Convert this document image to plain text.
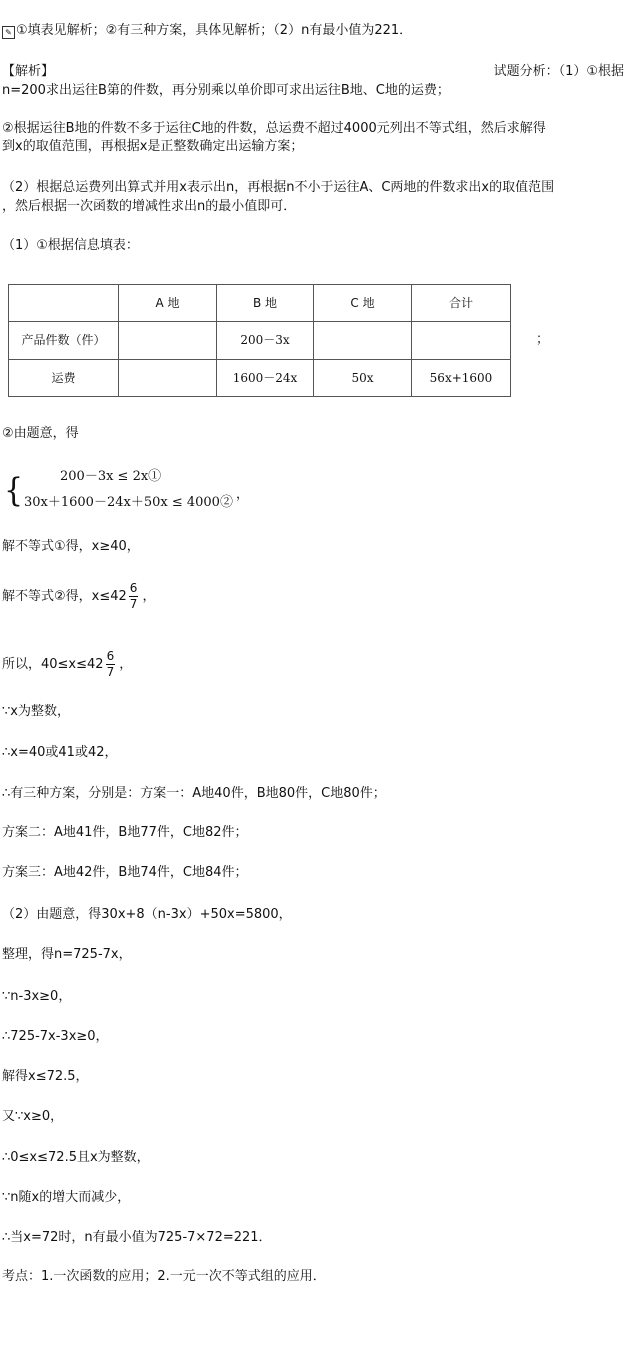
✎ ①填表见解析；②有三种方案，具体见解析；（2）n有最小值为221．
【解析】	试题分析：（1）①根据
n=200求出运往B第的件数，再分别乘以单价即可求出运往B地、C地的运费；
②根据运往B地的件数不多于运往C地的件数，总运费不超过4000元列出不等式组，然后求解得
到x的取值范围，再根据x是正整数确定出运输方案；
（2）根据总运费列出算式并用x表示出n，再根据n不小于运往A、C两地的件数求出x的取值范围
，然后根据一次函数的增减性求出n的最小值即可．
（1）①根据信息填表：
	A 地	B 地	C 地	合计
产品件数（件）		200－3x		
运费		1600－24x	50x	56x+1600
；
②由题意，得
{	200－3x ≤ 2x①
30x＋1600－24x＋50x ≤ 4000②
，
解不等式①得，x≥40，
解不等式②得，$x\le 42 \frac{6}{7}$ ，
所以，$40\le x\le 42 \frac{6}{7}$ ，
∵x为整数，
∴x=40或41或42，
∴有三种方案，分别是：方案一：A地40件，B地80件，C地80件；
方案二：A地41件，B地77件，C地82件；
方案三：A地42件，B地74件，C地84件；
（2）由题意，得30x+8（n-3x）+50x=5800，
整理，得n=725-7x，
∵n-3x≥0，
∴725-7x-3x≥0，
解得x≤72.5，
又∵x≥0，
∴0≤x≤72.5且x为整数，
∵n随x的增大而减少，
∴当x=72时，n有最小值为725-7×72=221．
考点：1.一次函数的应用；2.一元一次不等式组的应用．
